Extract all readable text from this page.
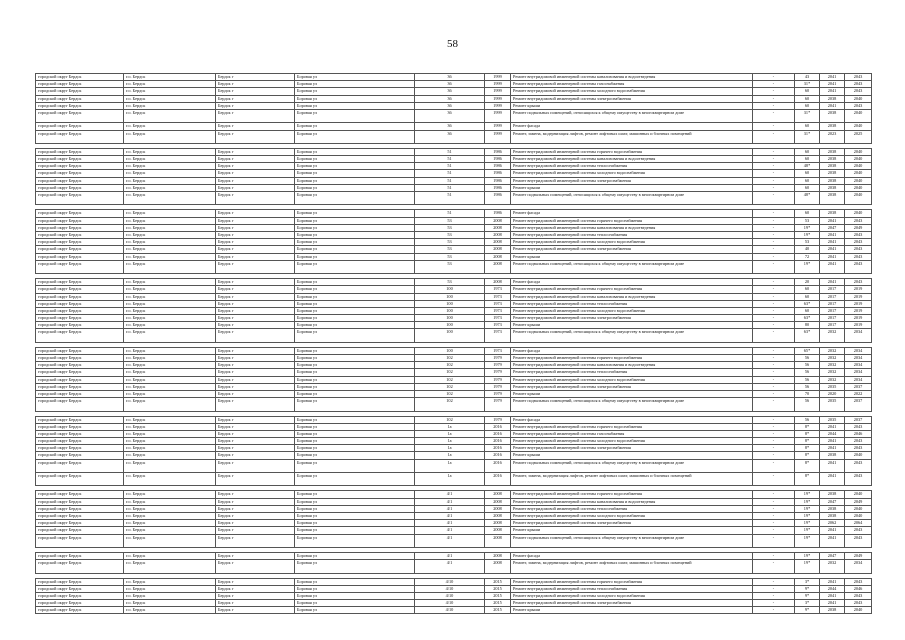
58
городской округ Бердск	г.о. Бердск	Бердск г	Боровая ул	36	1999	Ремонт внутридомовой инженерной системы канализования и водоотведения	-	43	2041	2043
городской округ Бердск	г.о. Бердск	Бердск г	Боровая ул	36	1999	Ремонт внутридомовой инженерной системы газоснабжения	-	31*	2041	2043
городской округ Бердск	г.о. Бердск	Бердск г	Боровая ул	36	1999	Ремонт внутридомовой инженерной системы холодного водоснабжения	-	60	2041	2043
городской округ Бердск	г.о. Бердск	Бердск г	Боровая ул	36	1999	Ремонт внутридомовой инженерной системы электроснабжения	-	60	2038	2040
городской округ Бердск	г.о. Бердск	Бердск г	Боровая ул	36	1999	Ремонт крыши	-	60	2041	2043
городской округ Бердск	г.о. Бердск	Бердск г	Боровая ул	36	1999	Ремонт подвальных помещений, относящихся к общему имуществу в многоквартирном доме	-	31*	2038	2040
городской округ Бердск	г.о. Бердск	Бердск г	Боровая ул	36	1999	Ремонт фасада	-	60	2038	2040
городской округ Бердск	г.о. Бердск	Бердск г	Боровая ул	36	1999	Ремонт, замена, модернизация лифтов, ремонт лифтовых шахт, машинных и блочных помещений	-	31*	2023	2025

городской округ Бердск	г.о. Бердск	Бердск г	Боровая ул	51	1986	Ремонт внутридомовой инженерной системы горячего водоснабжения	-	60	2038	2040
городской округ Бердск	г.о. Бердск	Бердск г	Боровая ул	51	1986	Ремонт внутридомовой инженерной системы канализования и водоотведения	-	60	2038	2040
городской округ Бердск	г.о. Бердск	Бердск г	Боровая ул	51	1986	Ремонт внутридомовой инженерной системы теплоснабжения	-	48*	2038	2040
городской округ Бердск	г.о. Бердск	Бердск г	Боровая ул	51	1986	Ремонт внутридомовой инженерной системы холодного водоснабжения	-	60	2038	2040
городской округ Бердск	г.о. Бердск	Бердск г	Боровая ул	51	1986	Ремонт внутридомовой инженерной системы электроснабжения	-	60	2038	2040
городской округ Бердск	г.о. Бердск	Бердск г	Боровая ул	51	1986	Ремонт крыши	-	60	2038	2040
городской округ Бердск	г.о. Бердск	Бердск г	Боровая ул	51	1986	Ремонт подвальных помещений, относящихся к общему имуществу в многоквартирном доме	-	48*	2038	2040

городской округ Бердск	г.о. Бердск	Бердск г	Боровая ул	51	1986	Ремонт фасада	-	60	2038	2040
городской округ Бердск	г.о. Бердск	Бердск г	Боровая ул	53	2008	Ремонт внутридомовой инженерной системы горячего водоснабжения	-	53	2041	2043
городской округ Бердск	г.о. Бердск	Бердск г	Боровая ул	53	2008	Ремонт внутридомовой инженерной системы канализования и водоотведения	-	19*	2047	2049
городской округ Бердск	г.о. Бердск	Бердск г	Боровая ул	53	2008	Ремонт внутридомовой инженерной системы теплоснабжения	-	19*	2041	2043
городской округ Бердск	г.о. Бердск	Бердск г	Боровая ул	53	2008	Ремонт внутридомовой инженерной системы холодного водоснабжения	-	53	2041	2043
городской округ Бердск	г.о. Бердск	Бердск г	Боровая ул	53	2008	Ремонт внутридомовой инженерной системы электроснабжения	-	40	2041	2043
городской округ Бердск	г.о. Бердск	Бердск г	Боровая ул	53	2008	Ремонт крыши	-	72	2041	2043
городской округ Бердск	г.о. Бердск	Бердск г	Боровая ул	53	2008	Ремонт подвальных помещений, относящихся к общему имуществу в многоквартирном доме	-	19*	2041	2043

городской округ Бердск	г.о. Бердск	Бердск г	Боровая ул	53	2008	Ремонт фасада	-	20	2041	2043
городской округ Бердск	г.о. Бердск	Бердск г	Боровая ул	100	1973	Ремонт внутридомовой инженерной системы горячего водоснабжения	-	60	2017	2019
городской округ Бердск	г.о. Бердск	Бердск г	Боровая ул	100	1973	Ремонт внутридомовой инженерной системы канализования и водоотведения	-	60	2017	2019
городской округ Бердск	г.о. Бердск	Бердск г	Боровая ул	100	1973	Ремонт внутридомовой инженерной системы теплоснабжения	-	63*	2017	2019
городской округ Бердск	г.о. Бердск	Бердск г	Боровая ул	100	1973	Ремонт внутридомовой инженерной системы холодного водоснабжения	-	60	2017	2019
городской округ Бердск	г.о. Бердск	Бердск г	Боровая ул	100	1973	Ремонт внутридомовой инженерной системы электроснабжения	-	63*	2017	2019
городской округ Бердск	г.о. Бердск	Бердск г	Боровая ул	100	1973	Ремонт крыши	-	80	2017	2019
городской округ Бердск	г.о. Бердск	Бердск г	Боровая ул	100	1973	Ремонт подвальных помещений, относящихся к общему имуществу в многоквартирном доме	-	63*	2032	2034

городской округ Бердск	г.о. Бердск	Бердск г	Боровая ул	100	1973	Ремонт фасада	-	65*	2032	2034
городской округ Бердск	г.о. Бердск	Бердск г	Боровая ул	102	1979	Ремонт внутридомовой инженерной системы горячего водоснабжения	-	56	2032	2034
городской округ Бердск	г.о. Бердск	Бердск г	Боровая ул	102	1979	Ремонт внутридомовой инженерной системы канализования и водоотведения	-	56	2032	2034
городской округ Бердск	г.о. Бердск	Бердск г	Боровая ул	102	1979	Ремонт внутридомовой инженерной системы теплоснабжения	-	56	2032	2034
городской округ Бердск	г.о. Бердск	Бердск г	Боровая ул	102	1979	Ремонт внутридомовой инженерной системы холодного водоснабжения	-	56	2032	2034
городской округ Бердск	г.о. Бердск	Бердск г	Боровая ул	102	1979	Ремонт внутридомовой инженерной системы электроснабжения	-	56	2035	2037
городской округ Бердск	г.о. Бердск	Бердск г	Боровая ул	102	1979	Ремонт крыши	-	70	2020	2022
городской округ Бердск	г.о. Бердск	Бердск г	Боровая ул	102	1979	Ремонт подвальных помещений, относящихся к общему имуществу в многоквартирном доме	-	56	2035	2037

городской округ Бердск	г.о. Бердск	Бердск г	Боровая ул	102	1979	Ремонт фасада	-	56	2035	2037
городской округ Бердск	г.о. Бердск	Бердск г	Боровая ул	1а	2016	Ремонт внутридомовой инженерной системы горячего водоснабжения	-	8*	2041	2043
городской округ Бердск	г.о. Бердск	Бердск г	Боровая ул	1а	2016	Ремонт внутридомовой инженерной системы газоснабжения	-	8*	2044	2046
городской округ Бердск	г.о. Бердск	Бердск г	Боровая ул	1а	2016	Ремонт внутридомовой инженерной системы холодного водоснабжения	-	8*	2041	2043
городской округ Бердск	г.о. Бердск	Бердск г	Боровая ул	1а	2016	Ремонт внутридомовой инженерной системы электроснабжения	-	8*	2041	2043
городской округ Бердск	г.о. Бердск	Бердск г	Боровая ул	1а	2016	Ремонт крыши	-	8*	2038	2040
городской округ Бердск	г.о. Бердск	Бердск г	Боровая ул	1а	2016	Ремонт подвальных помещений, относящихся к общему имуществу в многоквартирном доме	-	8*	2041	2043
городской округ Бердск	г.о. Бердск	Бердск г	Боровая ул	1а	2016	Ремонт, замена, модернизация лифтов, ремонт лифтовых шахт, машинных и блочных помещений	-	8*	2041	2043

городской округ Бердск	г.о. Бердск	Бердск г	Боровая ул	4/1	2008	Ремонт внутридомовой инженерной системы горячего водоснабжения	-	19*	2038	2040
городской округ Бердск	г.о. Бердск	Бердск г	Боровая ул	4/1	2008	Ремонт внутридомовой инженерной системы канализования и водоотведения	-	19*	2047	2049
городской округ Бердск	г.о. Бердск	Бердск г	Боровая ул	4/1	2008	Ремонт внутридомовой инженерной системы теплоснабжения	-	19*	2038	2040
городской округ Бердск	г.о. Бердск	Бердск г	Боровая ул	4/1	2008	Ремонт внутридомовой инженерной системы холодного водоснабжения	-	19*	2038	2040
городской округ Бердск	г.о. Бердск	Бердск г	Боровая ул	4/1	2008	Ремонт внутридомовой инженерной системы электроснабжения	-	19*	2062	2064
городской округ Бердск	г.о. Бердск	Бердск г	Боровая ул	4/1	2008	Ремонт крыши	-	19*	2041	2043
городской округ Бердск	г.о. Бердск	Бердск г	Боровая ул	4/1	2008	Ремонт подвальных помещений, относящихся к общему имуществу в многоквартирном доме	-	19*	2041	2043

городской округ Бердск	г.о. Бердск	Бердск г	Боровая ул	4/1	2008	Ремонт фасада	-	19*	2047	2049
городской округ Бердск	г.о. Бердск	Бердск г	Боровая ул	4/1	2008	Ремонт, замена, модернизация лифтов, ремонт лифтовых шахт, машинных и блочных помещений	-	19*	2032	2034

городской округ Бердск	г.о. Бердск	Бердск г	Боровая ул	4/10	2015	Ремонт внутридомовой инженерной системы горячего водоснабжения	-	3*	2041	2043
городской округ Бердск	г.о. Бердск	Бердск г	Боровая ул	4/10	2015	Ремонт внутридомовой инженерной системы теплоснабжения	-	9*	2044	2046
городской округ Бердск	г.о. Бердск	Бердск г	Боровая ул	4/10	2015	Ремонт внутридомовой инженерной системы холодного водоснабжения	-	9*	2041	2043
городской округ Бердск	г.о. Бердск	Бердск г	Боровая ул	4/10	2015	Ремонт внутридомовой инженерной системы электроснабжения	-	3*	2041	2043
городской округ Бердск	г.о. Бердск	Бердск г	Боровая ул	4/10	2015	Ремонт крыши	-	9*	2038	2040
